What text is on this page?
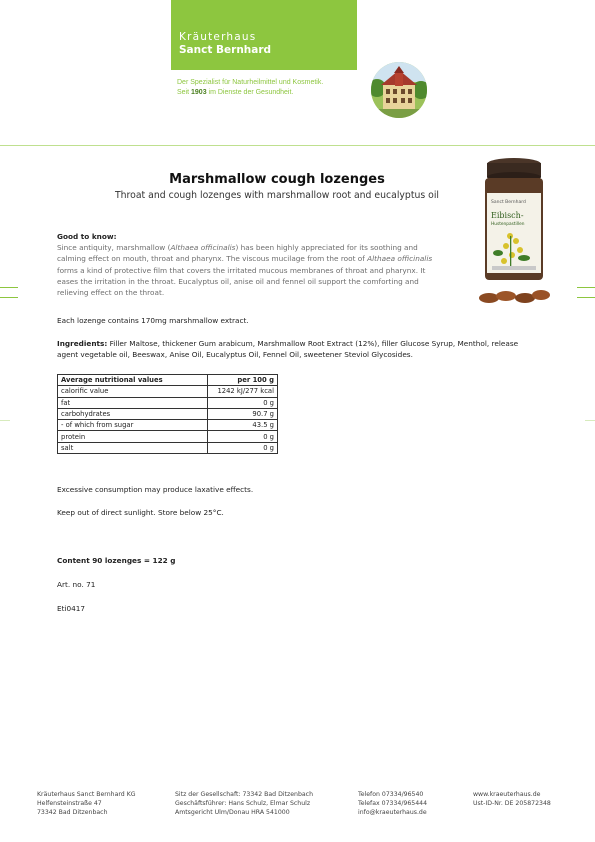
Kräuterhaus
Sanct Bernhard
Der Spezialist für Naturheilmittel und Kosmetik.
Seit 1903 im Dienste der Gesundheit.
Sanct Bernhard
Eibisch-
Hustenpastillen
Marshmallow cough lozenges
Throat and cough lozenges with marshmallow root and eucalyptus oil
Good to know:
Since antiquity, marshmallow (Althaea officinalis) has been highly appreciated for its soothing and
calming effect on mouth, throat and pharynx. The viscous mucilage from the root of Althaea officinalis
forms a kind of protective film that covers the irritated mucous membranes of throat and pharynx. It
eases the irritation in the throat. Eucalyptus oil, anise oil and fennel oil support the comforting and
relieving effect on the throat.
Each lozenge contains 170mg marshmallow extract.
Ingredients: Filler Maltose, thickener Gum arabicum, Marshmallow Root Extract (12%), filler Glucose Syrup, Menthol, release
agent vegetable oil, Beeswax, Anise Oil, Eucalyptus Oil, Fennel Oil, sweetener Steviol Glycosides.
Average nutritional values	per 100 g
calorific value	1242 kJ/277 kcal
fat	0 g
carbohydrates	90.7 g
- of which from sugar	43.5 g
protein	0 g
salt	0 g
Excessive consumption may produce laxative effects.
Keep out of direct sunlight. Store below 25°C.
Content 90 lozenges = 122 g
Art. no. 71
Eti0417
Kräuterhaus Sanct Bernhard KG
Helfensteinstraße 47
73342 Bad Ditzenbach
Sitz der Gesellschaft: 73342 Bad Ditzenbach
Geschäftsführer: Hans Schulz, Elmar Schulz
Amtsgericht Ulm/Donau HRA 541000
Telefon 07334/96540
Telefax 07334/965444
info@kraeuterhaus.de
www.kraeuterhaus.de
Ust-ID-Nr. DE 205872348
